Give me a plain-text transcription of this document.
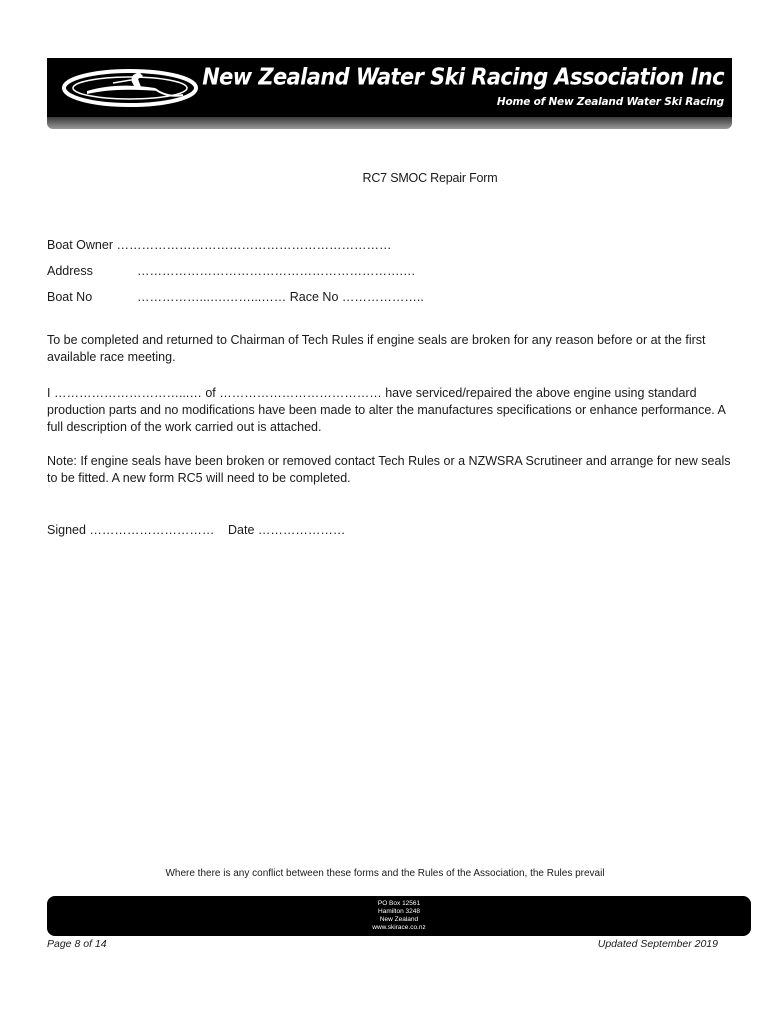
New Zealand Water Ski Racing Association Inc
Home of New Zealand Water Ski Racing
RC7 SMOC Repair Form
Boat Owner …………………………………………………………
Address	……………………………………………………….…
Boat No	……………...….……...…… Race No ………………..
To be completed and returned to Chairman of Tech Rules if engine seals are broken for any reason before or at the first available race meeting.
I …………………………...… of ………………………………… have serviced/repaired the above engine using standard production parts and no modifications have been made to alter the manufactures specifications or enhance performance. A full description of the work carried out is attached.
Note: If engine seals have been broken or removed contact Tech Rules or a NZWSRA Scrutineer and arrange for new seals to be fitted. A new form RC5 will need to be completed.
Signed ………………………… Date …………………
Where there is any conflict between these forms and the Rules of the Association, the Rules prevail
PO Box 12561
Hamilton 3248
New Zealand
www.skirace.co.nz
Page 8 of 14	Updated September 2019
